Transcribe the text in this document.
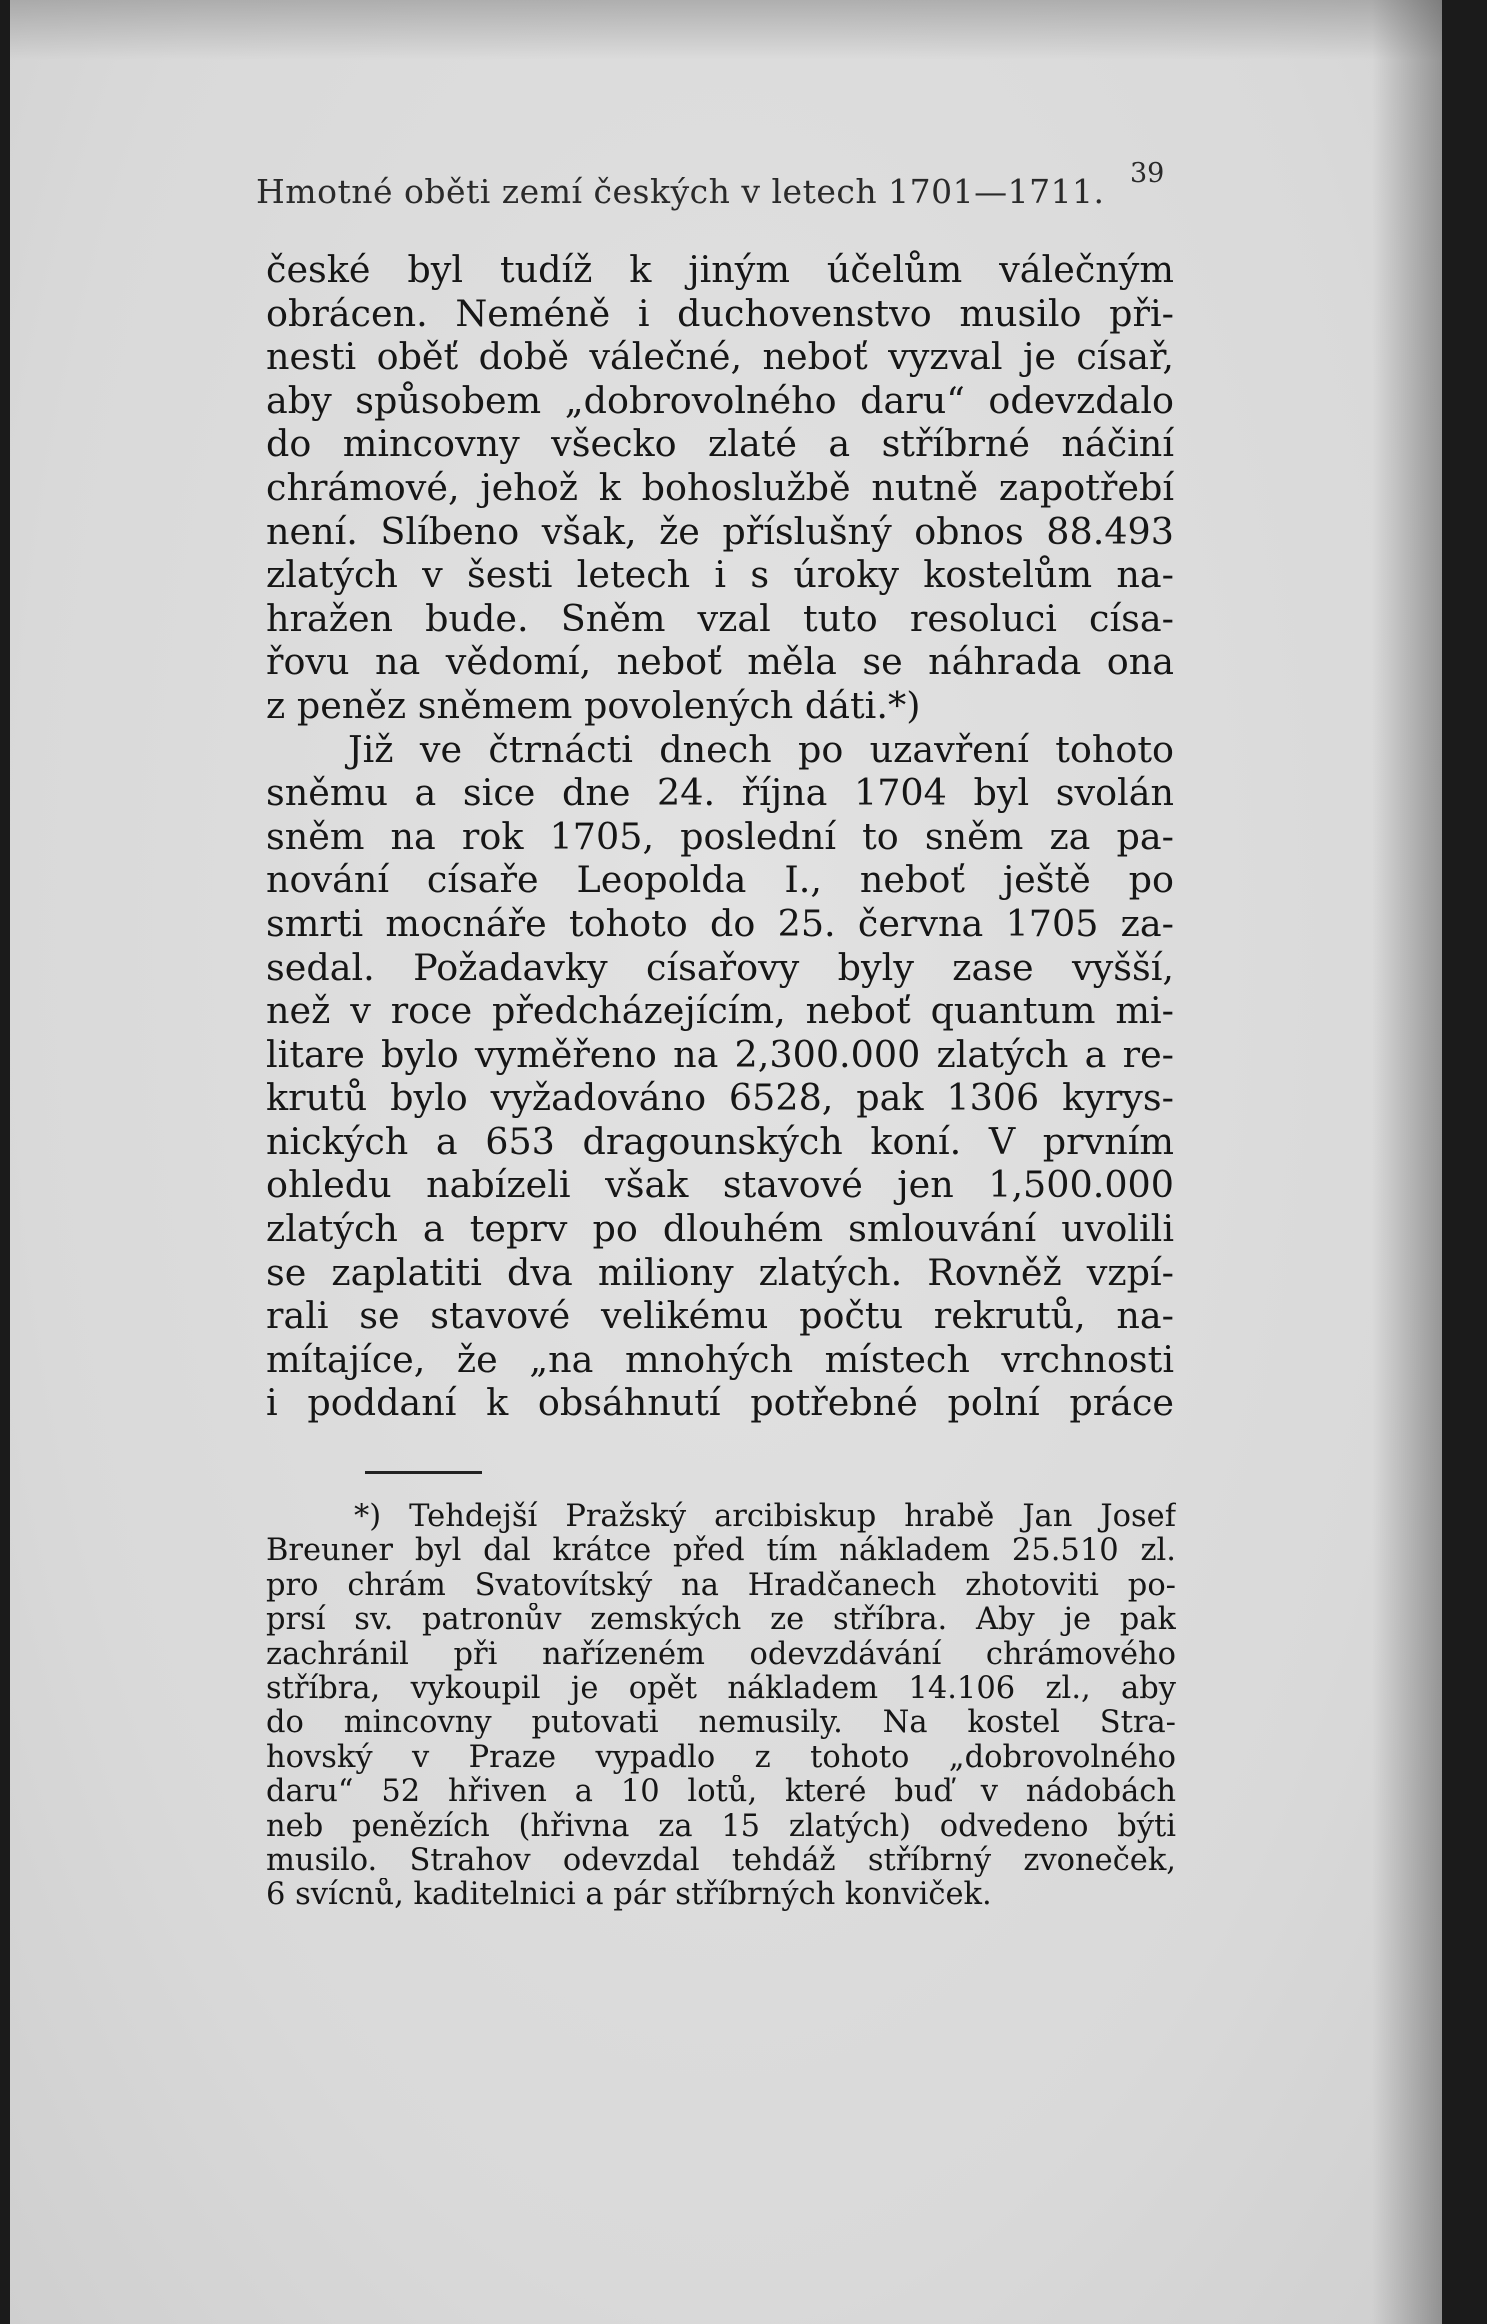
Hmotné oběti zemí českých v letech 1701—1711. 39
české byl tudíž k jiným účelům válečným
obrácen. Neméně i duchovenstvo musilo při-
nesti oběť době válečné, neboť vyzval je císař,
aby spůsobem „dobrovolného daru“ odevzdalo
do mincovny všecko zlaté a stříbrné náčiní
chrámové, jehož k bohoslužbě nutně zapotřebí
není. Slíbeno však, že příslušný obnos 88.493
zlatých v šesti letech i s úroky kostelům na-
hražen bude. Sněm vzal tuto resoluci císa-
řovu na vědomí, neboť měla se náhrada ona
z peněz sněmem povolených dáti.*)
Již ve čtrnácti dnech po uzavření tohoto
sněmu a sice dne 24. října 1704 byl svolán
sněm na rok 1705, poslední to sněm za pa-
nování císaře Leopolda I., neboť ještě po
smrti mocnáře tohoto do 25. června 1705 za-
sedal. Požadavky císařovy byly zase vyšší,
než v roce předcházejícím, neboť quantum mi-
litare bylo vyměřeno na 2,300.000 zlatých a re-
krutů bylo vyžadováno 6528, pak 1306 kyrys-
nických a 653 dragounských koní. V prvním
ohledu nabízeli však stavové jen 1,500.000
zlatých a teprv po dlouhém smlouvání uvolili
se zaplatiti dva miliony zlatých. Rovněž vzpí-
rali se stavové velikému počtu rekrutů, na-
mítajíce, že „na mnohých místech vrchnosti
i poddaní k obsáhnutí potřebné polní práce
*) Tehdejší Pražský arcibiskup hrabě Jan Josef
Breuner byl dal krátce před tím nákladem 25.510 zl.
pro chrám Svatovítský na Hradčanech zhotoviti po-
prsí sv. patronův zemských ze stříbra. Aby je pak
zachránil při nařízeném odevzdávání chrámového
stříbra, vykoupil je opět nákladem 14.106 zl., aby
do mincovny putovati nemusily. Na kostel Stra-
hovský v Praze vypadlo z tohoto „dobrovolného
daru“ 52 hřiven a 10 lotů, které buď v nádobách
neb penězích (hřivna za 15 zlatých) odvedeno býti
musilo. Strahov odevzdal tehdáž stříbrný zvoneček,
6 svícnů, kaditelnici a pár stříbrných konviček.
